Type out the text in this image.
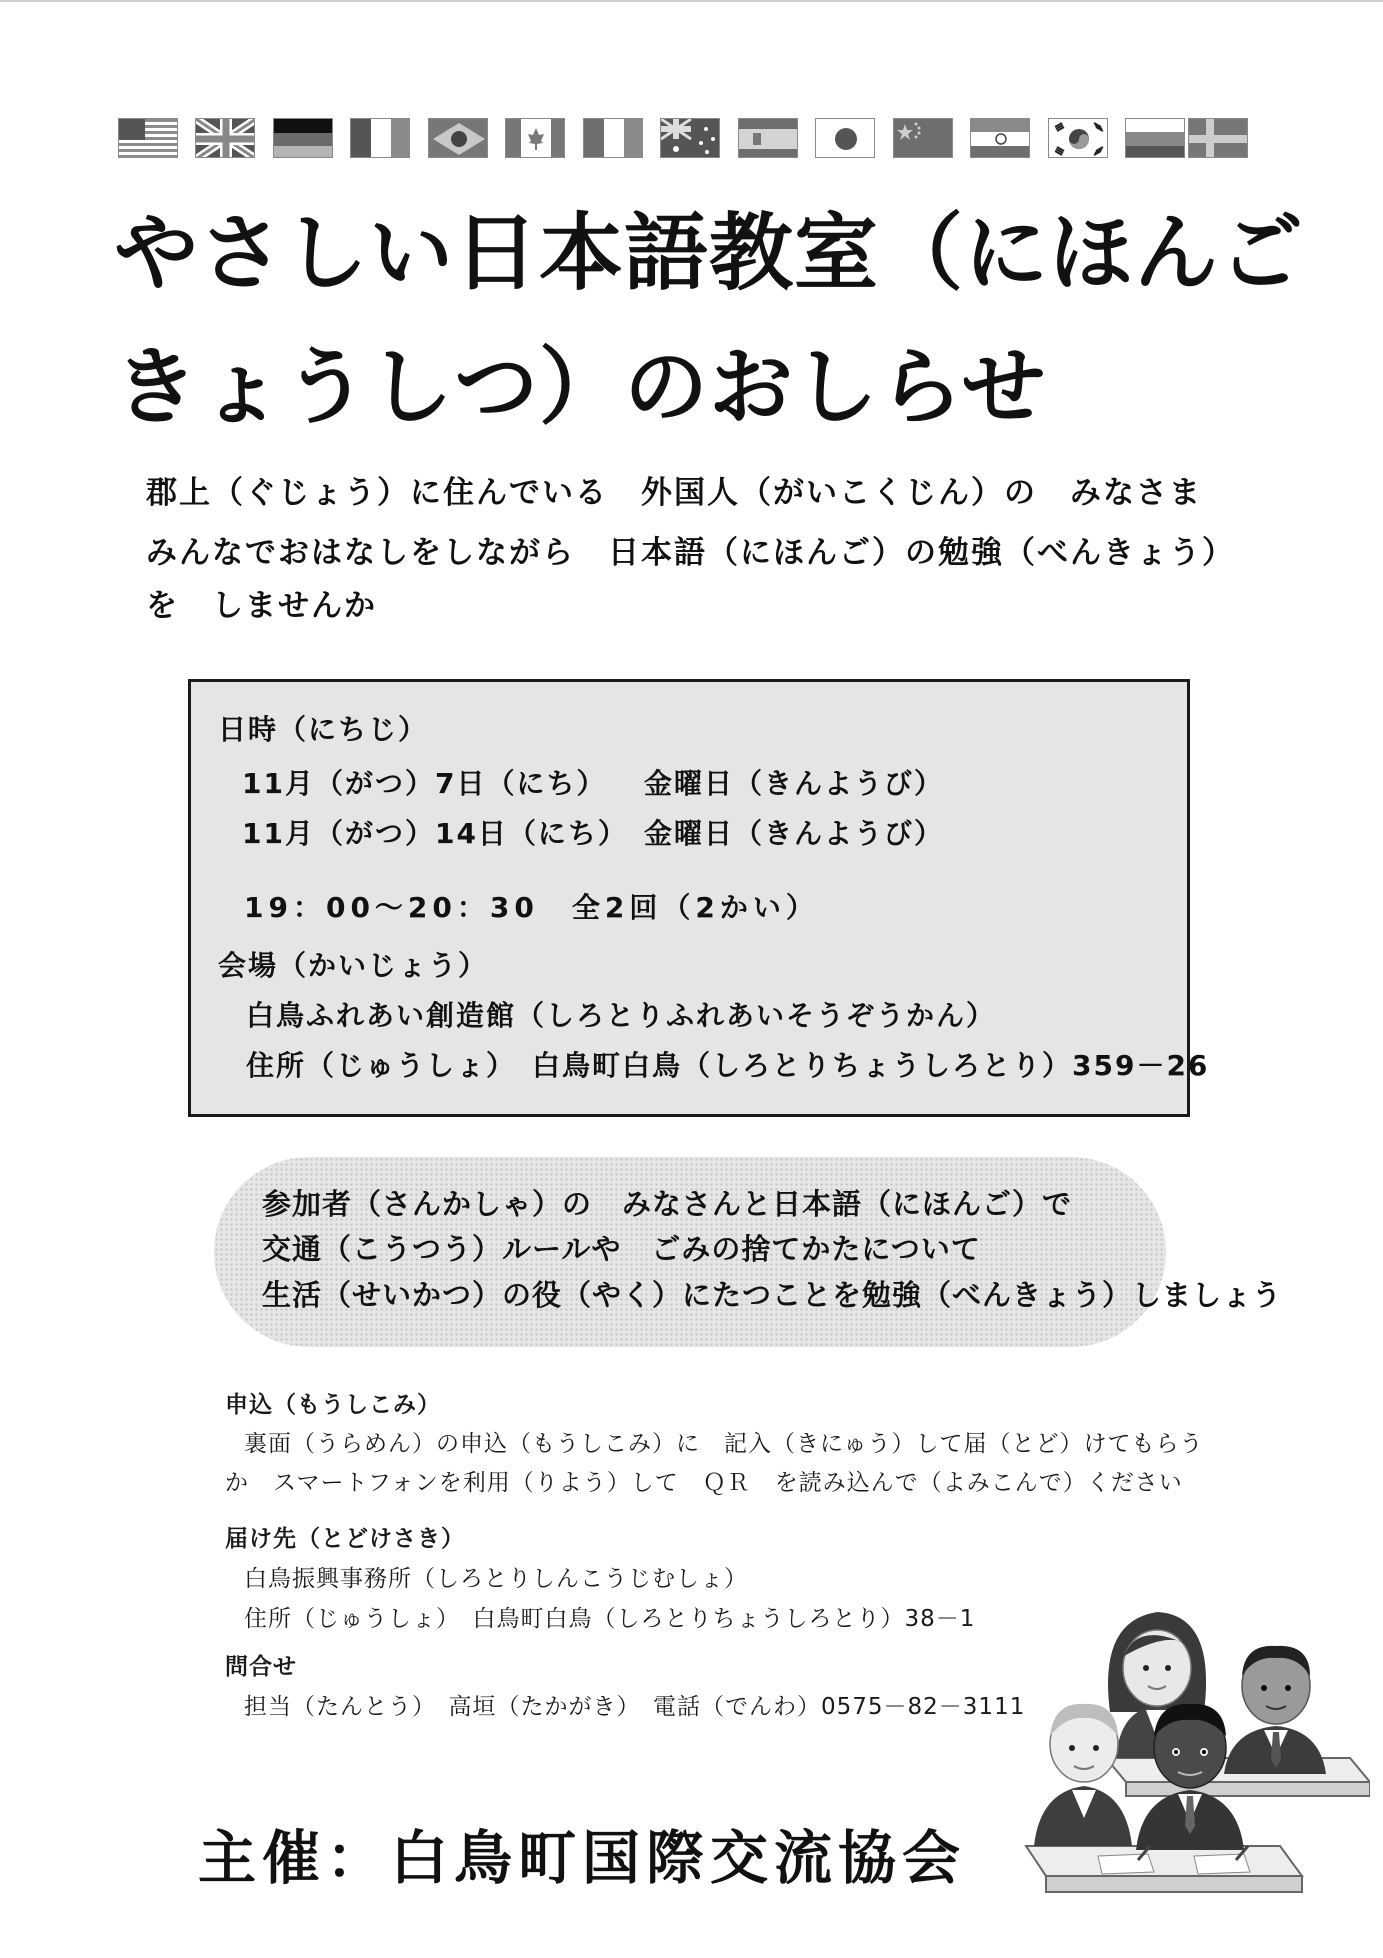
やさしい日本語教室（にほんご
きょうしつ）のおしらせ
郡上（ぐじょう）に住んでいる　外国人（がいこくじん）の　みなさま
みんなでおはなしをしながら　日本語（にほんご）の勉強（べんきょう）
を　しませんか
日時（にちじ）
11月（がつ）7日（にち） 金曜日（きんようび）
11月（がつ）14日（にち） 金曜日（きんようび）
19：00～20：30　全2回（2かい）
会場（かいじょう）
白鳥ふれあい創造館（しろとりふれあいそうぞうかん）
住所（じゅうしょ）　白鳥町白鳥（しろとりちょうしろとり）359－26
参加者（さんかしゃ）の　みなさんと日本語（にほんご）で
交通（こうつう）ルールや　ごみの捨てかたについて
生活（せいかつ）の役（やく）にたつことを勉強（べんきょう）しましょう
申込（もうしこみ）
裏面（うらめん）の申込（もうしこみ）に　記入（きにゅう）して届（とど）けてもらう
か　スマートフォンを利用（りよう）して　ＱＲ　を読み込んで（よみこんで）ください
届け先（とどけさき）
白鳥振興事務所（しろとりしんこうじむしょ）
住所（じゅうしょ）　白鳥町白鳥（しろとりちょうしろとり）38－1
問合せ
担当（たんとう）　高垣（たかがき）　電話（でんわ）0575－82－3111
主催：白鳥町国際交流協会
